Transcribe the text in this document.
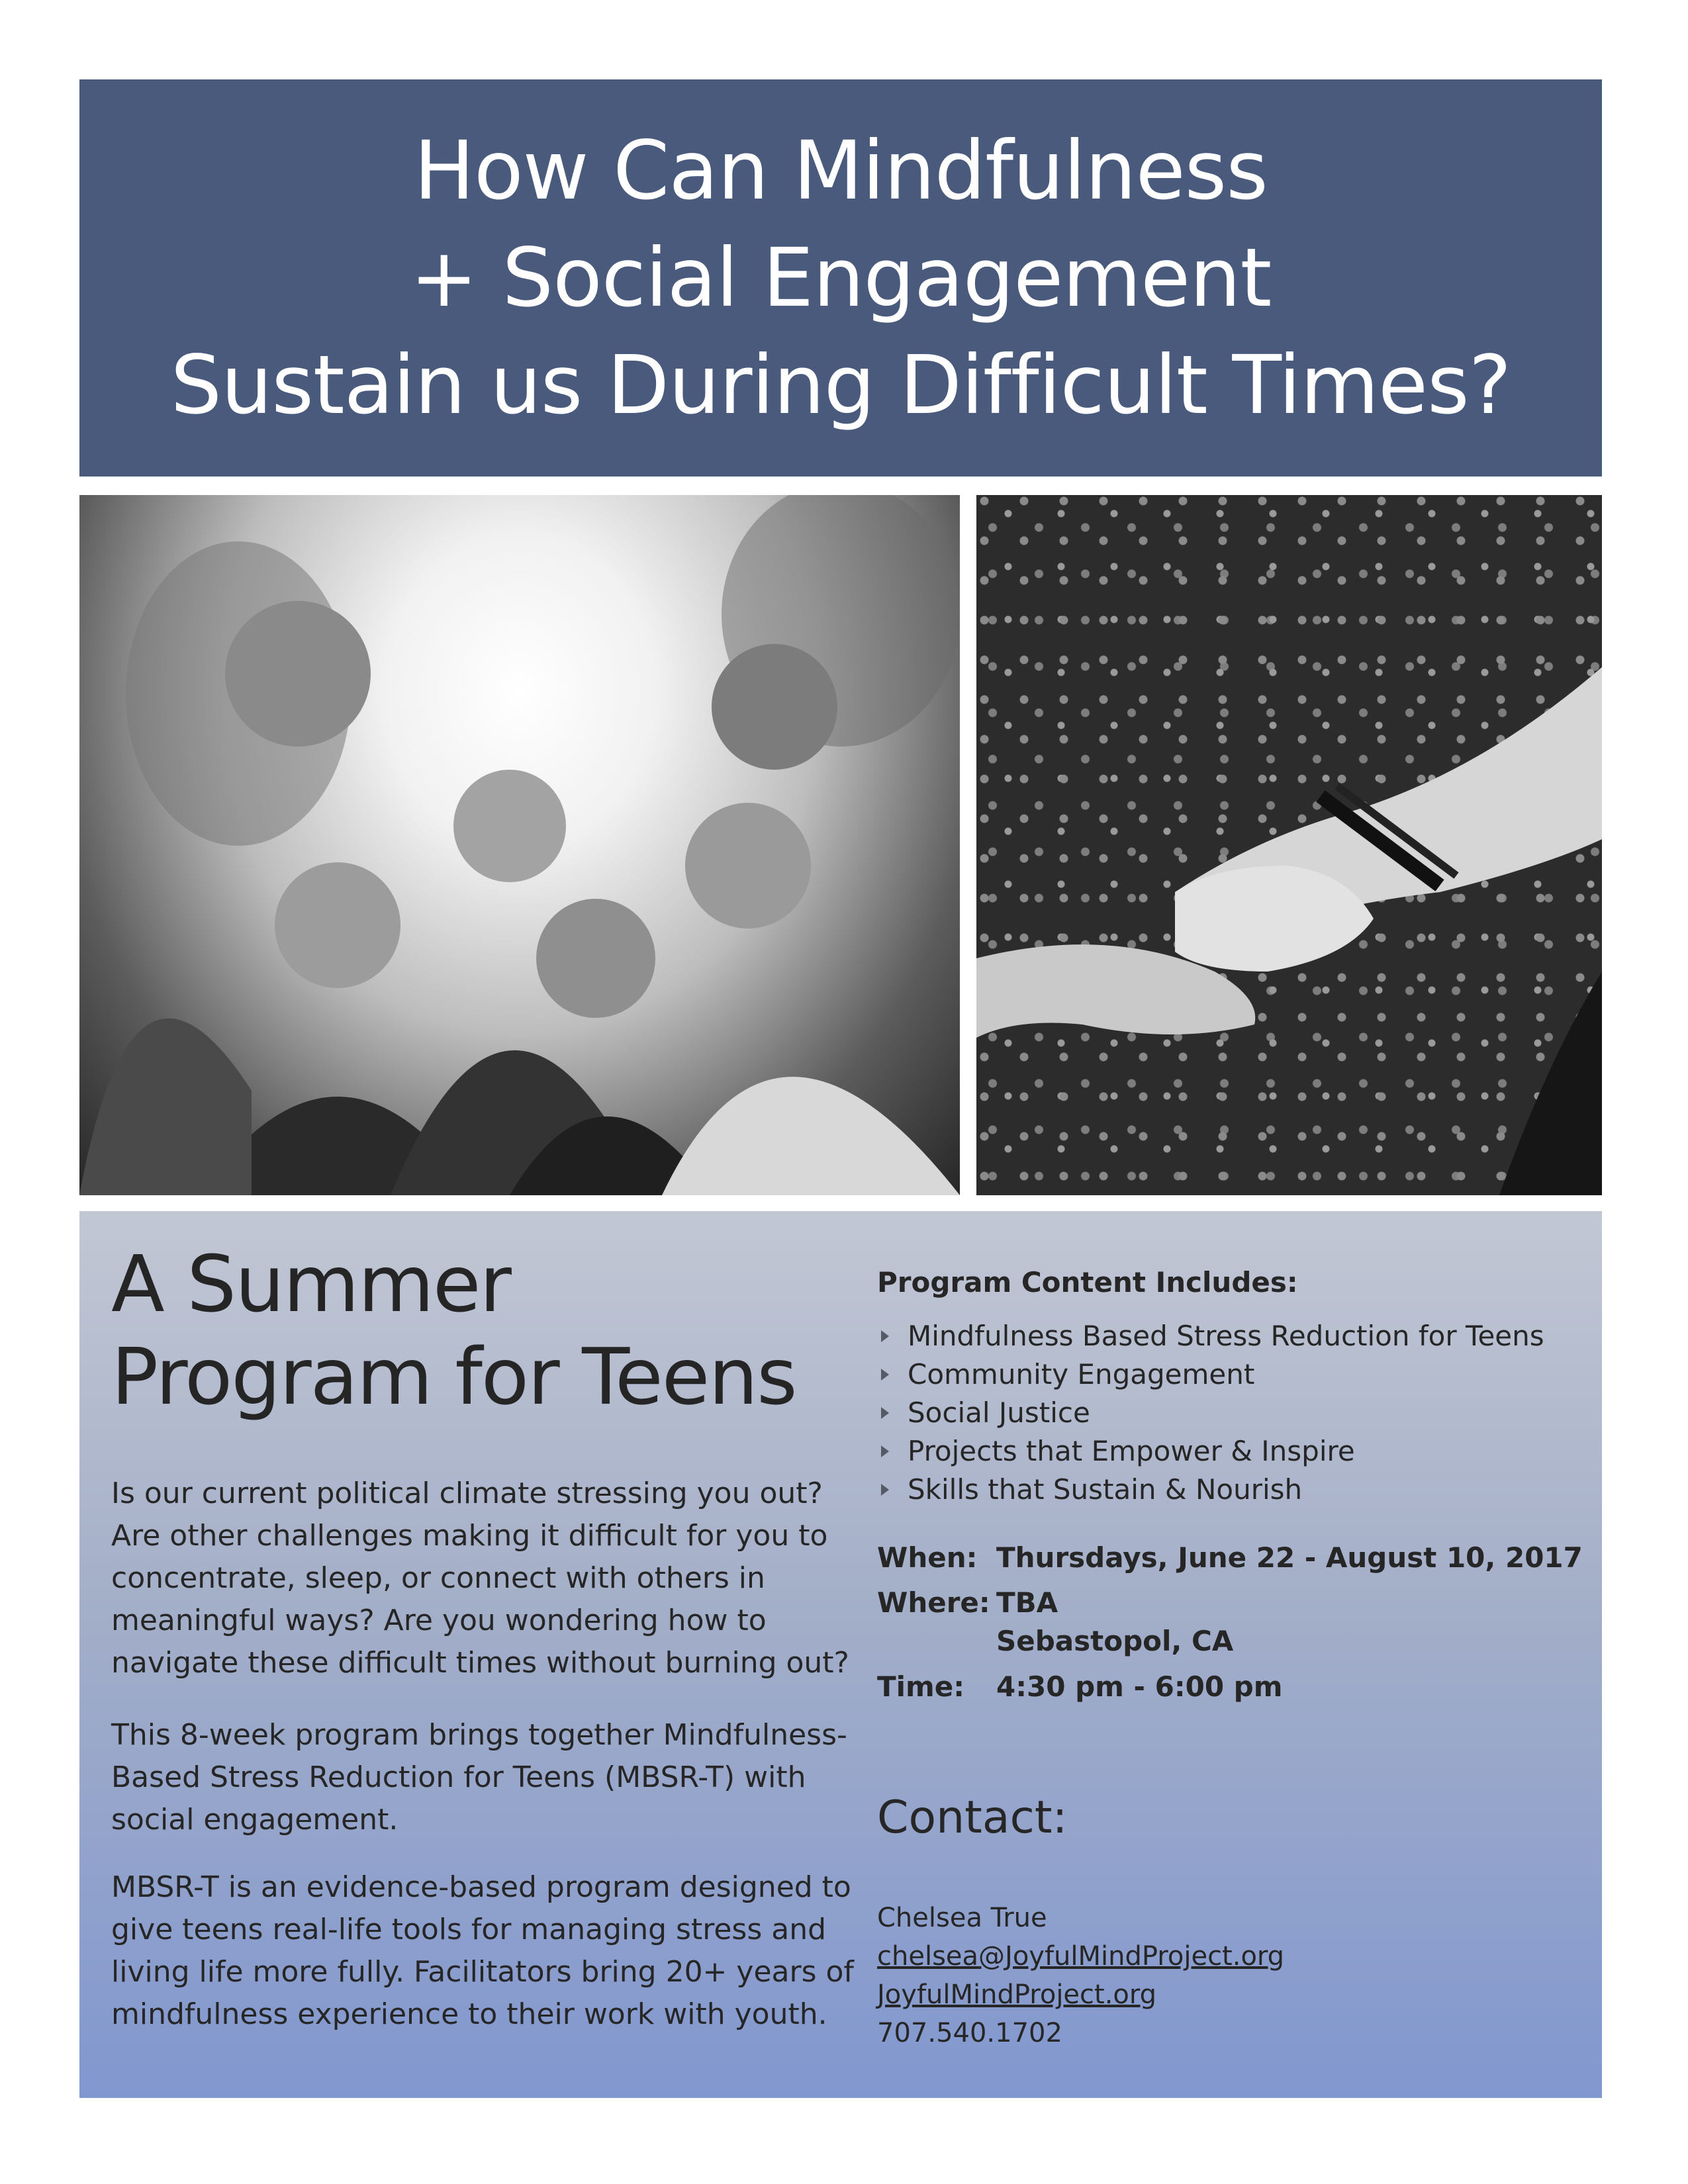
How Can Mindfulness
+ Social Engagement
Sustain us During Difficult Times?
A Summer
Program for Teens
Is our current political climate stressing you out? Are other challenges making it difficult for you to concentrate, sleep, or connect with others in meaningful ways? Are you wondering how to navigate these difficult times without burning out?
This 8-week program brings together Mindfulness-Based Stress Reduction for Teens (MBSR-T) with social engagement.
MBSR-T is an evidence-based program designed to give teens real-life tools for managing stress and living life more fully. Facilitators bring 20+ years of mindfulness experience to their work with youth.
Program Content Includes:
Mindfulness Based Stress Reduction for Teens
Community Engagement
Social Justice
Projects that Empower & Inspire
Skills that Sustain & Nourish
When: Thursdays, June 22 - August 10, 2017
Where: TBA
Sebastopol, CA
Time: 4:30 pm - 6:00 pm
Contact:
Chelsea True
chelsea@JoyfulMindProject.org
JoyfulMindProject.org
707.540.1702
